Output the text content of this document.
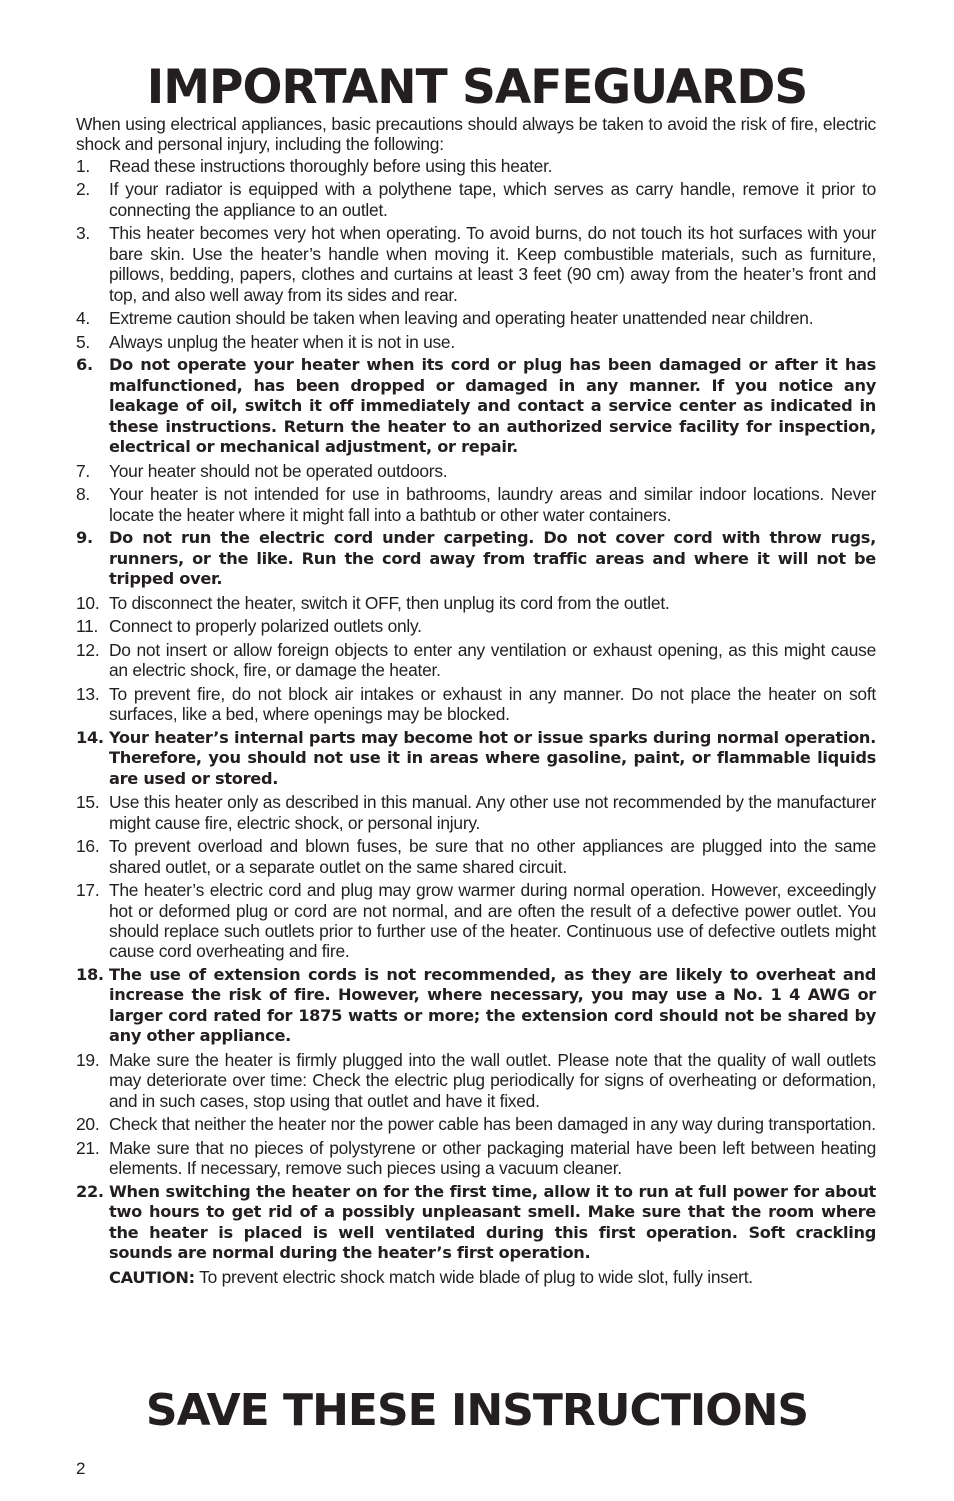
IMPORTANT SAFEGUARDS

When using electrical appliances, basic precautions should always be taken to avoid the risk of fire, electric shock and personal injury, including the following:

1.	Read these instructions thoroughly before using this heater.
2.	If your radiator is equipped with a polythene tape, which serves as carry handle, remove it prior to connecting the appliance to an outlet.
3.	This heater becomes very hot when operating. To avoid burns, do not touch its hot surfaces with your bare skin. Use the heater’s handle when moving it. Keep combustible materials, such as furniture, pillows, bedding, papers, clothes and curtains at least 3 feet (90 cm) away from the heater’s front and top, and also well away from its sides and rear.
4.	Extreme caution should be taken when leaving and operating heater unattended near children.
5.	Always unplug the heater when it is not in use.
6. Do not operate your heater when its cord or plug has been damaged or after it has malfunctioned, has been dropped or damaged in any manner. If you notice any leakage of oil, switch it off immediately and contact a service center as indicated in these instructions. Return the heater to an authorized service facility for inspection, electrical or mechanical adjustment, or repair.
7.	Your heater should not be operated outdoors.
8.	Your heater is not intended for use in bathrooms, laundry areas and similar indoor locations. Never locate the heater where it might fall into a bathtub or other water containers.
9. Do not run the electric cord under carpeting. Do not cover cord with throw rugs, runners, or the like. Run the cord away from traffic areas and where it will not be tripped over.
10. To disconnect the heater, switch it OFF, then unplug its cord from the outlet.
11. Connect to properly polarized outlets only.
12. Do not insert or allow foreign objects to enter any ventilation or exhaust opening, as this might cause an electric shock, fire, or damage the heater.
13. To prevent fire, do not block air intakes or exhaust in any manner. Do not place the heater on soft surfaces, like a bed, where openings may be blocked.
14. Your heater’s internal parts may become hot or issue sparks during normal operation. Therefore, you should not use it in areas where gasoline, paint, or flammable liquids are used or stored.
15. Use this heater only as described in this manual. Any other use not recommended by the manufacturer might cause fire, electric shock, or personal injury.
16. To prevent overload and blown fuses, be sure that no other appliances are plugged into the same shared outlet, or a separate outlet on the same shared circuit.
17. The heater’s electric cord and plug may grow warmer during normal operation. However, exceedingly hot or deformed plug or cord are not normal, and are often the result of a defective power outlet. You should replace such outlets prior to further use of the heater. Continuous use of defective outlets might cause cord overheating and fire.
18. The use of extension cords is not recommended, as they are likely to overheat and increase the risk of fire. However, where necessary, you may use a No. 1 4 AWG or larger cord rated for 1875 watts or more; the extension cord should not be shared by any other appliance.
19. Make sure the heater is firmly plugged into the wall outlet. Please note that the quality of wall outlets may deteriorate over time: Check the electric plug periodically for signs of overheating or deformation, and in such cases, stop using that outlet and have it fixed.
20. Check that neither the heater nor the power cable has been damaged in any way during transportation.
21. Make sure that no pieces of polystyrene or other packaging material have been left between heating elements. If necessary, remove such pieces using a vacuum cleaner.
22. When switching the heater on for the first time, allow it to run at full power for about two hours to get rid of a possibly unpleasant smell. Make sure that the room where the heater is placed is well ventilated during this first operation. Soft crackling sounds are normal during the heater’s first operation.

CAUTION: To prevent electric shock match wide blade of plug to wide slot, fully insert.

SAVE THESE INSTRUCTIONS
2
